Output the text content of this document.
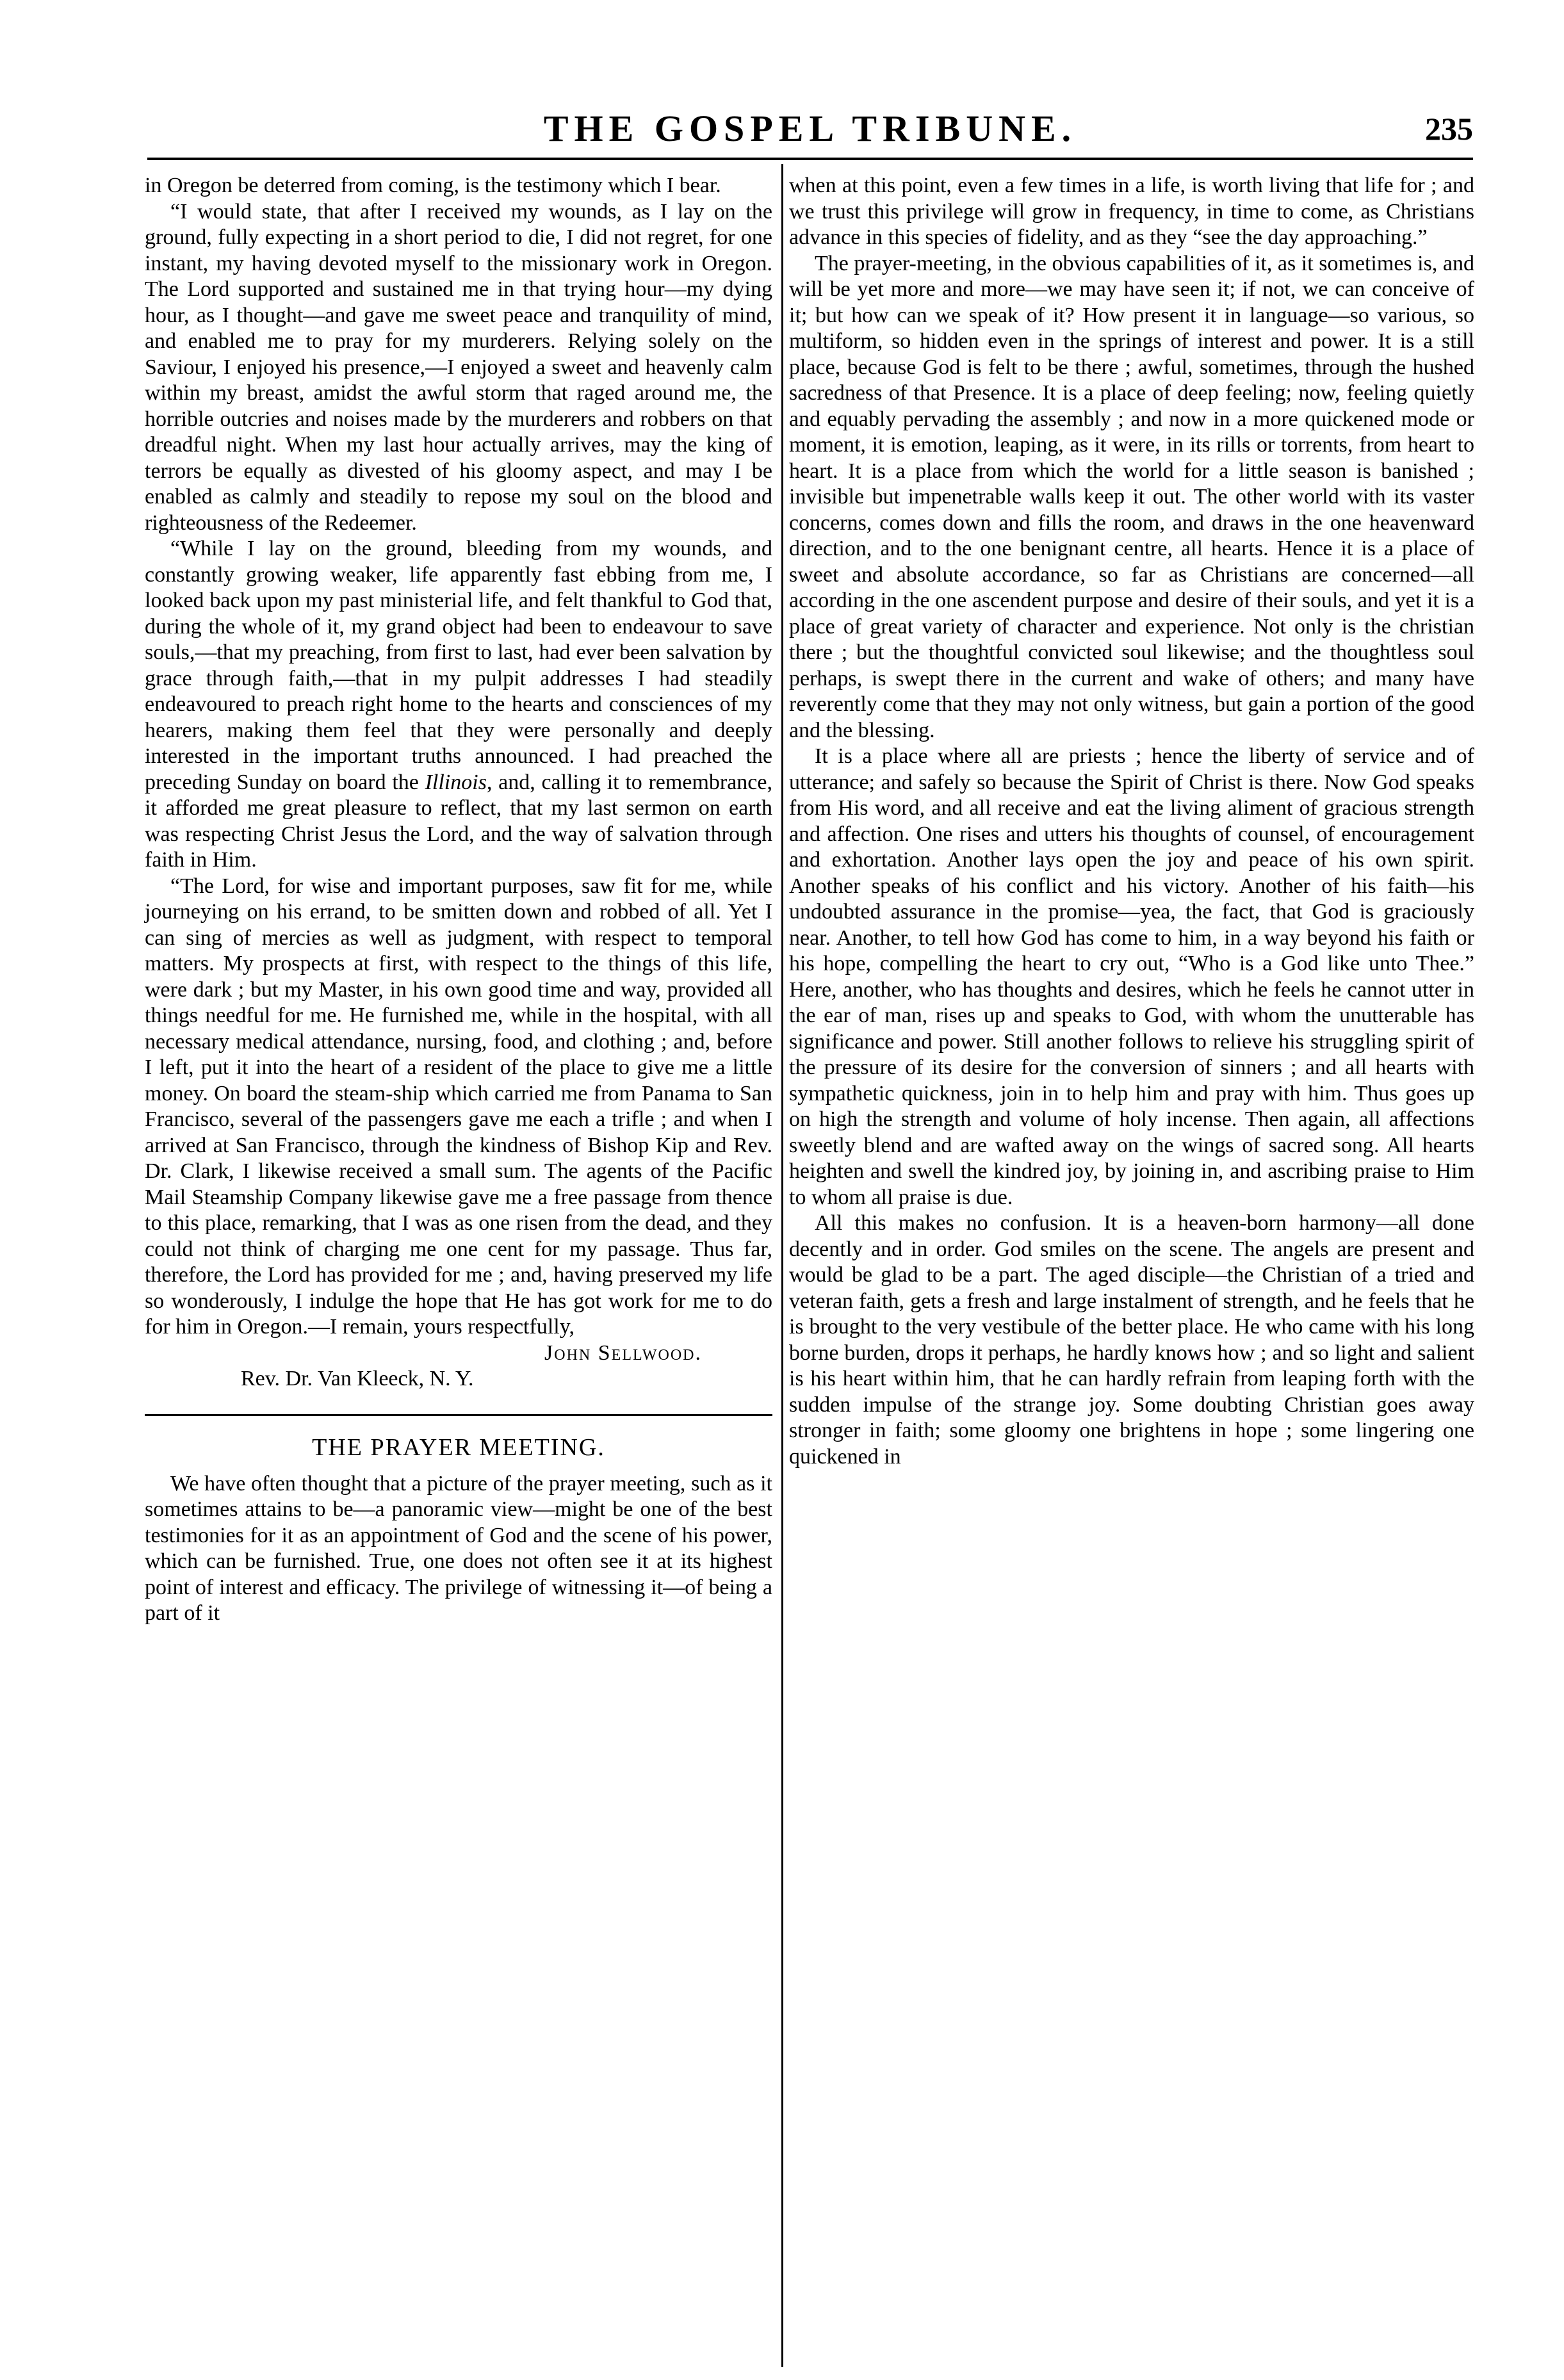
THE GOSPEL TRIBUNE.	235

in Oregon be deterred from coming, is the testimony which I bear.

“I would state, that after I received my wounds, as I lay on the ground, fully expecting in a short period to die, I did not regret, for one instant, my having devoted myself to the missionary work in Oregon. The Lord supported and sustained me in that trying hour—my dying hour, as I thought—and gave me sweet peace and tranquility of mind, and enabled me to pray for my murderers. Relying solely on the Saviour, I enjoyed his presence,—I enjoyed a sweet and heavenly calm within my breast, amidst the awful storm that raged around me, the horrible outcries and noises made by the murderers and robbers on that dreadful night. When my last hour actually arrives, may the king of terrors be equally as divested of his gloomy aspect, and may I be enabled as calmly and steadily to repose my soul on the blood and righteousness of the Redeemer.

“While I lay on the ground, bleeding from my wounds, and constantly growing weaker, life apparently fast ebbing from me, I looked back upon my past ministerial life, and felt thankful to God that, during the whole of it, my grand object had been to endeavour to save souls,—that my preaching, from first to last, had ever been salvation by grace through faith,—that in my pulpit addresses I had steadily endeavoured to preach right home to the hearts and consciences of my hearers, making them feel that they were personally and deeply interested in the important truths announced. I had preached the preceding Sunday on board the Illinois, and, calling it to remembrance, it afforded me great pleasure to reflect, that my last sermon on earth was respecting Christ Jesus the Lord, and the way of salvation through faith in Him.

“The Lord, for wise and important purposes, saw fit for me, while journeying on his errand, to be smitten down and robbed of all. Yet I can sing of mercies as well as judgment, with respect to temporal matters. My prospects at first, with respect to the things of this life, were dark ; but my Master, in his own good time and way, provided all things needful for me. He furnished me, while in the hospital, with all necessary medical attendance, nursing, food, and clothing ; and, before I left, put it into the heart of a resident of the place to give me a little money. On board the steam-ship which carried me from Panama to San Francisco, several of the passengers gave me each a trifle ; and when I arrived at San Francisco, through the kindness of Bishop Kip and Rev. Dr. Clark, I likewise received a small sum. The agents of the Pacific Mail Steamship Company likewise gave me a free passage from thence to this place, remarking, that I was as one risen from the dead, and they could not think of charging me one cent for my passage. Thus far, therefore, the Lord has provided for me ; and, having preserved my life so wonderously, I indulge the hope that He has got work for me to do for him in Oregon.—I remain, yours respectfully,

John Sellwood.

Rev. Dr. Van Kleeck, N. Y.

THE PRAYER MEETING.

We have often thought that a picture of the prayer meeting, such as it sometimes attains to be—a panoramic view—might be one of the best testimonies for it as an appointment of God and the scene of his power, which can be furnished. True, one does not often see it at its highest point of interest and efficacy. The privilege of witnessing it—of being a part of it

when at this point, even a few times in a life, is worth living that life for ; and we trust this privilege will grow in frequency, in time to come, as Christians advance in this species of fidelity, and as they “see the day approaching.”

The prayer-meeting, in the obvious capabilities of it, as it sometimes is, and will be yet more and more—we may have seen it; if not, we can conceive of it; but how can we speak of it? How present it in language—so various, so multiform, so hidden even in the springs of interest and power. It is a still place, because God is felt to be there ; awful, sometimes, through the hushed sacredness of that Presence. It is a place of deep feeling; now, feeling quietly and equably pervading the assembly ; and now in a more quickened mode or moment, it is emotion, leaping, as it were, in its rills or torrents, from heart to heart. It is a place from which the world for a little season is banished ; invisible but impenetrable walls keep it out. The other world with its vaster concerns, comes down and fills the room, and draws in the one heavenward direction, and to the one benignant centre, all hearts. Hence it is a place of sweet and absolute accordance, so far as Christians are concerned—all according in the one ascendent purpose and desire of their souls, and yet it is a place of great variety of character and experience. Not only is the christian there ; but the thoughtful convicted soul likewise; and the thoughtless soul perhaps, is swept there in the current and wake of others; and many have reverently come that they may not only witness, but gain a portion of the good and the blessing.

It is a place where all are priests ; hence the liberty of service and of utterance; and safely so because the Spirit of Christ is there. Now God speaks from His word, and all receive and eat the living aliment of gracious strength and affection. One rises and utters his thoughts of counsel, of encouragement and exhortation. Another lays open the joy and peace of his own spirit. Another speaks of his conflict and his victory. Another of his faith—his undoubted assurance in the promise—yea, the fact, that God is graciously near. Another, to tell how God has come to him, in a way beyond his faith or his hope, compelling the heart to cry out, “Who is a God like unto Thee.” Here, another, who has thoughts and desires, which he feels he cannot utter in the ear of man, rises up and speaks to God, with whom the unutterable has significance and power. Still another follows to relieve his struggling spirit of the pressure of its desire for the conversion of sinners ; and all hearts with sympathetic quickness, join in to help him and pray with him. Thus goes up on high the strength and volume of holy incense. Then again, all affections sweetly blend and are wafted away on the wings of sacred song. All hearts heighten and swell the kindred joy, by joining in, and ascribing praise to Him to whom all praise is due.

All this makes no confusion. It is a heaven-born harmony—all done decently and in order. God smiles on the scene. The angels are present and would be glad to be a part. The aged disciple—the Christian of a tried and veteran faith, gets a fresh and large instalment of strength, and he feels that he is brought to the very vestibule of the better place. He who came with his long borne burden, drops it perhaps, he hardly knows how ; and so light and salient is his heart within him, that he can hardly refrain from leaping forth with the sudden impulse of the strange joy. Some doubting Christian goes away stronger in faith; some gloomy one brightens in hope ; some lingering one quickened in
